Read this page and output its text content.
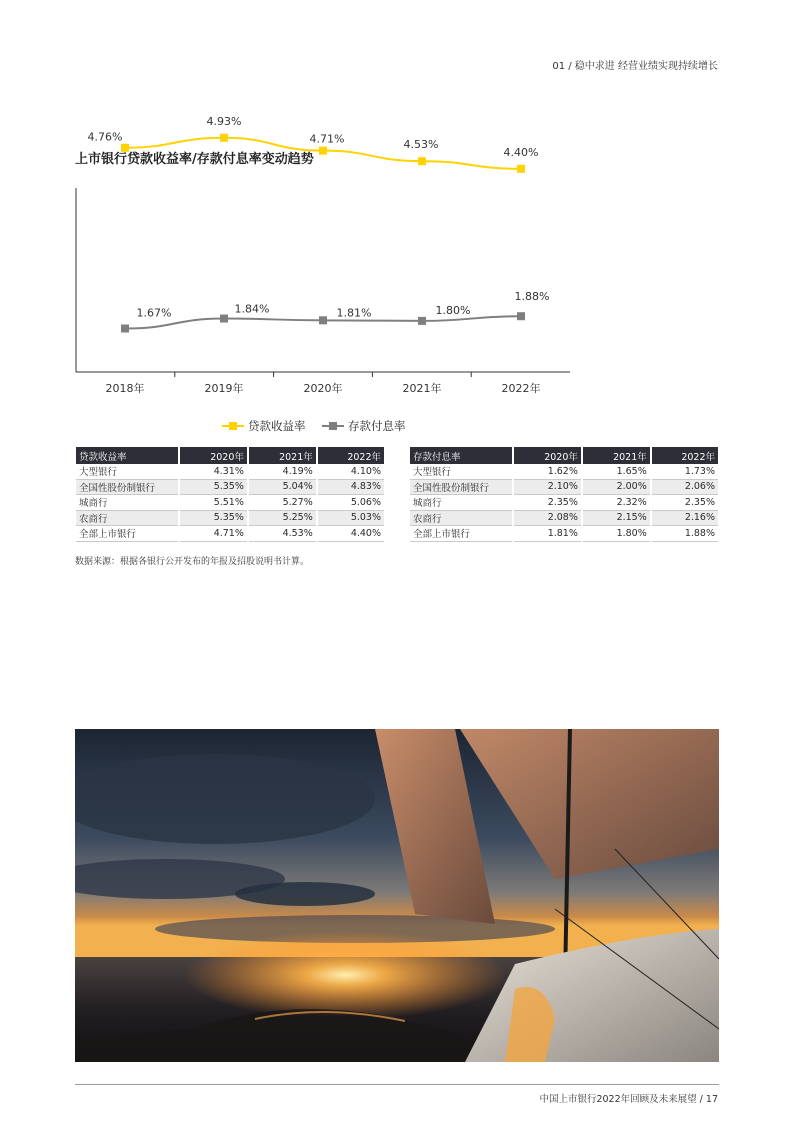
01 / 稳中求进 经营业绩实现持续增长
上市银行贷款收益率/存款付息率变动趋势
2018年	2019年	2020年	2021年	2022年
4.76%
4.93%
4.71%	4.53%
4.40%
1.67%	1.84%	1.81%	1.80%
1.88%
贷款收益率	存款付息率
贷款收益率	2020年	2021年	2022年
大型银行	4.31%	4.19%	4.10%
全国性股份制银行	5.35%	5.04%	4.83%
城商行	5.51%	5.27%	5.06%
农商行	5.35%	5.25%	5.03%
全部上市银行	4.71%	4.53%	4.40%
存款付息率	2020年	2021年	2022年
大型银行	1.62%	1.65%	1.73%
全国性股份制银行	2.10%	2.00%	2.06%
城商行	2.35%	2.32%	2.35%
农商行	2.08%	2.15%	2.16%
全部上市银行	1.81%	1.80%	1.88%
数据来源：根据各银行公开发布的年报及招股说明书计算。
中国上市银行2022年回顾及未来展望 / 17
